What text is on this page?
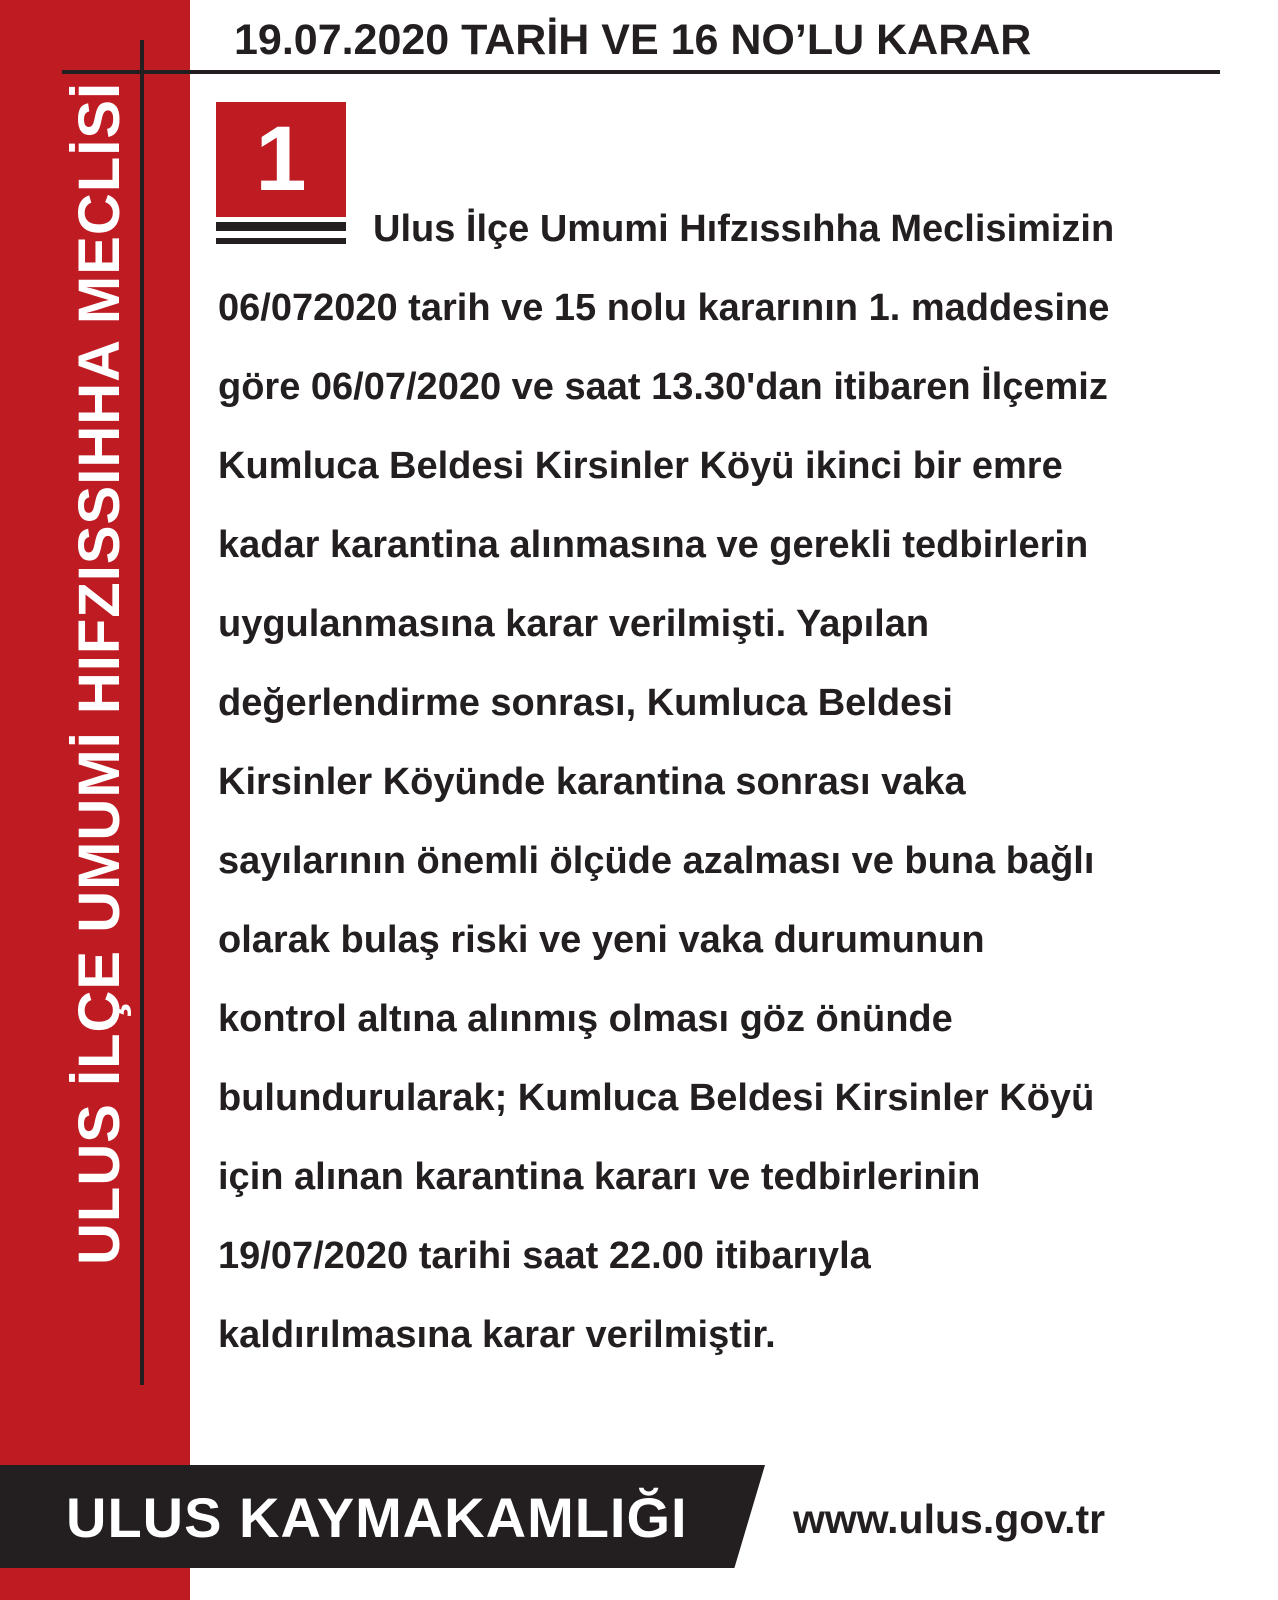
ULUS İLÇE UMUMİ HIFZISSIHHA MECLİSİ
19.07.2020 TARİH VE 16 NO’LU KARAR
1
Ulus İlçe Umumi Hıfzıssıhha Meclisimizin
06/072020 tarih ve 15 nolu kararının 1. maddesine
göre 06/07/2020 ve saat 13.30'dan itibaren İlçemiz
Kumluca Beldesi Kirsinler Köyü ikinci bir emre
kadar karantina alınmasına ve gerekli tedbirlerin
uygulanmasına karar verilmişti. Yapılan
değerlendirme sonrası, Kumluca Beldesi
Kirsinler Köyünde karantina sonrası vaka
sayılarının önemli ölçüde azalması ve buna bağlı
olarak bulaş riski ve yeni vaka durumunun
kontrol altına alınmış olması göz önünde
bulundurularak; Kumluca Beldesi Kirsinler Köyü
için alınan karantina kararı ve tedbirlerinin
19/07/2020 tarihi saat 22.00 itibarıyla
kaldırılmasına karar verilmiştir.
ULUS KAYMAKAMLIĞI	www.ulus.gov.tr
